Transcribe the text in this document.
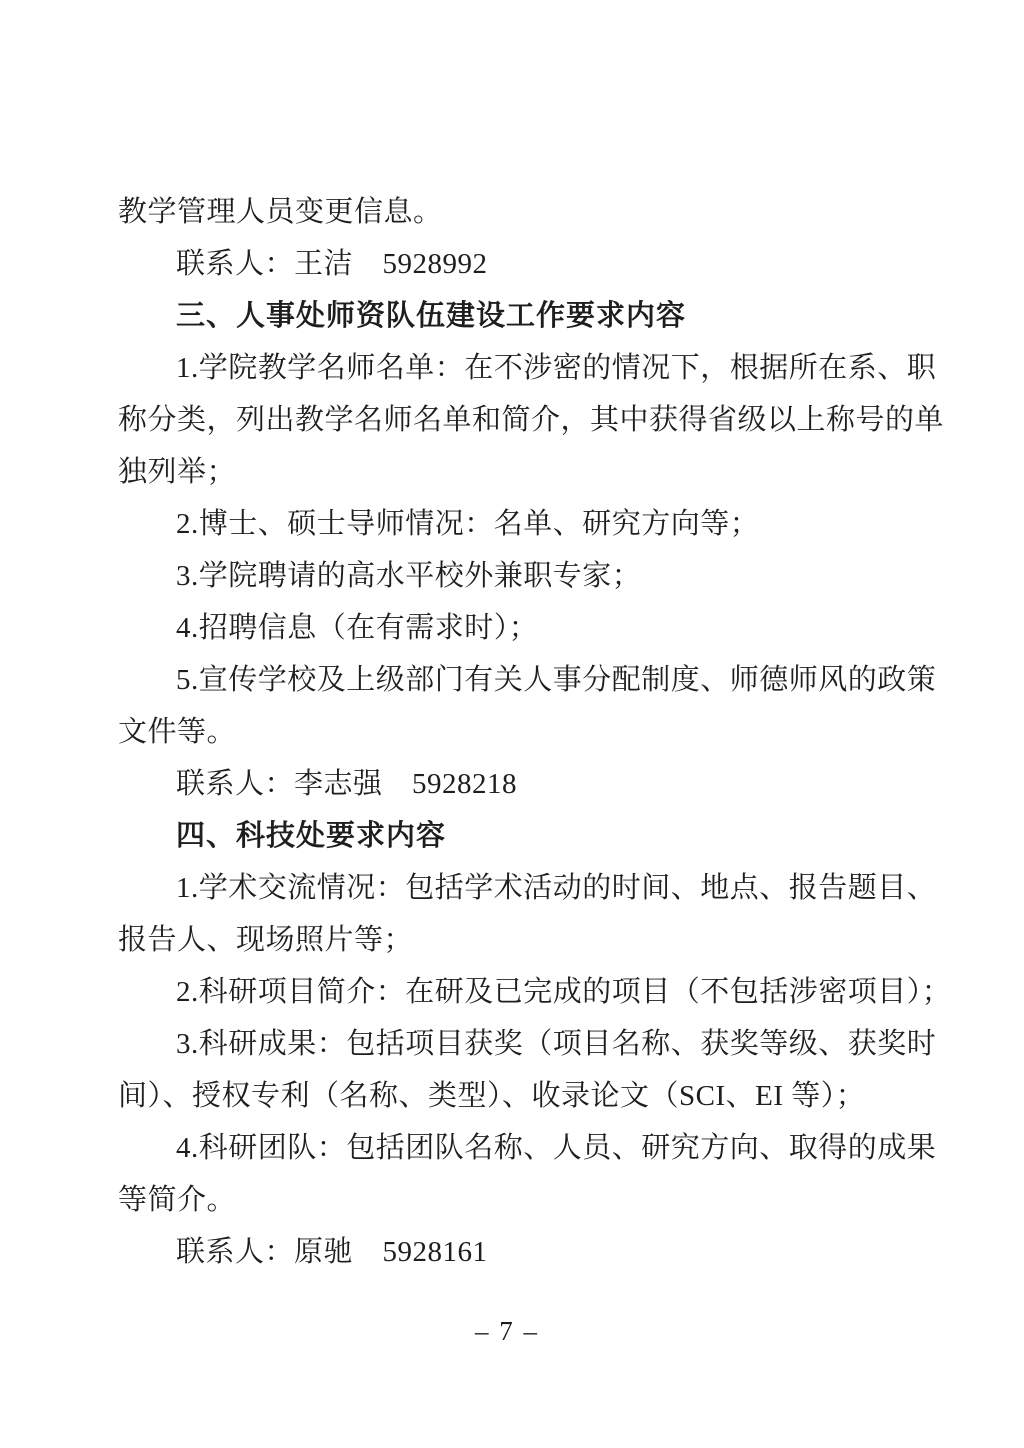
教学管理人员变更信息。
联系人：王洁　5928992
三、人事处师资队伍建设工作要求内容
1.学院教学名师名单：在不涉密的情况下，根据所在系、职
称分类，列出教学名师名单和简介，其中获得省级以上称号的单
独列举；
2.博士、硕士导师情况：名单、研究方向等；
3.学院聘请的高水平校外兼职专家；
4.招聘信息（在有需求时）；
5.宣传学校及上级部门有关人事分配制度、师德师风的政策
文件等。
联系人：李志强　5928218
四、科技处要求内容
1.学术交流情况：包括学术活动的时间、地点、报告题目、
报告人、现场照片等；
2.科研项目简介：在研及已完成的项目（不包括涉密项目）；
3.科研成果：包括项目获奖（项目名称、获奖等级、获奖时
间）、授权专利（名称、类型）、收录论文（SCI、EI 等）；
4.科研团队：包括团队名称、人员、研究方向、取得的成果
等简介。
联系人：原驰　5928161
– 7 –
